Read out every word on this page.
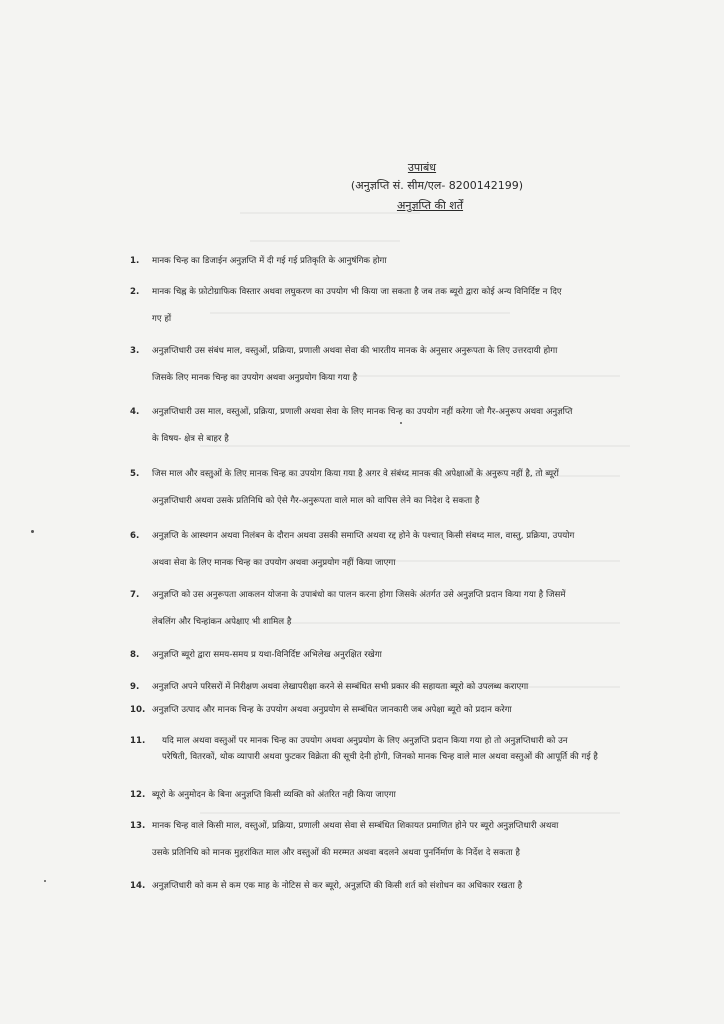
उपाबंध
(अनुज्ञप्ति सं. सीम/एल- 8200142199)
अनुज्ञप्ति की शर्तें
1.	मानक चिन्ह का डिजाईन अनुज्ञप्ति में दी गई गई प्रतिकृति के आनुषंगिक होगा
2.	मानक चिह्न के फ़ोटोग्राफिक विस्तार अथवा लघुकरण का उपयोग भी किया जा सकता है जब तक ब्यूरो द्वारा कोई अन्य विनिर्दिष्ट न दिए
गए हों
3.	अनुज्ञप्तिधारी उस संबंध माल, वस्तुओं, प्रक्रिया, प्रणाली अथवा सेवा की भारतीय मानक के अनुसार अनुरूपता के लिए उत्तरदायी होगा
जिसके लिए मानक चिन्ह का उपयोग अथवा अनुप्रयोग किया गया है
4.	अनुज्ञप्तिधारी उस माल, वस्तुओं, प्रक्रिया, प्रणाली अथवा सेवा के लिए मानक चिन्ह का उपयोग नहीं करेगा जो गैर-अनुरूप अथवा अनुज्ञप्ति
के विषय- क्षेत्र से बाहर है
5.	जिस माल और वस्तुओं के लिए मानक चिन्ह का उपयोग किया गया है अगर वे संबंध्द मानक की अपेक्षाओं के अनुरूप नहीं है, तो ब्यूरों
अनुज्ञप्तिधारी अथवा उसके प्रतिनिधि को ऐसे गैर-अनुरूपता वाले माल को वापिस लेने का निदेश दे सकता है
6.	अनुज्ञप्ति के आस्थगन अथवा निलंबन के दौरान अथवा उसकी समाप्ति अथवा रद्द होने के पश्चात् किसी संबध्द माल, वास्तु, प्रक्रिया, उपयोग
अथवा सेवा के लिए मानक चिन्ह का उपयोग अथवा अनुप्रयोग नहीं किया जाएगा
7.	अनुज्ञप्ति को उस अनुरूपता आकलन योजना के उपाबंधो का पालन करना होगा जिसके अंतर्गत उसे अनुज्ञप्ति प्रदान किया गया है जिसमें
लेबलिंग और चिन्हांकन अपेक्षाए भी शामिल है
8.	अनुज्ञप्ति ब्यूरो द्वारा समय-समय प्र यथा-विनिर्दिष्ट अभिलेख अनुरक्षित रखेगा
9.	अनुज्ञप्ति अपने परिसरों में निरीक्षण अथवा लेखापरीक्षा करने से सम्बंधित सभी प्रकार की सहायता ब्यूरो को उपलब्ध कराएगा
10. अनुज्ञप्ति उत्पाद और मानक चिन्ह के उपयोग अथवा अनुप्रयोग से सम्बंधित जानकारी जब अपेक्षा ब्यूरो को प्रदान करेगा
11.	यदि माल अथवा वस्तुओं पर मानक चिन्ह का उपयोग अथवा अनुप्रयोग के लिए अनुज्ञप्ति प्रदान किया गया हो तो अनुज्ञप्तिधारी को उन
परेषिती, वितरकों, थोक व्यापारी अथवा फुटकर विक्रेता की सूची देनी होगी, जिनको मानक चिन्ह वाले माल अथवा वस्तुओं की आपूर्ति की गई है
12. ब्यूरो के अनुमोदन के बिना अनुज्ञप्ति किसी व्यक्ति को अंतरित नही किया जाएगा
13. मानक चिन्ह वाले किसी माल, वस्तुओं, प्रक्रिया, प्रणाली अथवा सेवा से सम्बंधित शिकायत प्रमाणित होने पर ब्यूरो अनुज्ञप्तिधारी अथवा
उसके प्रतिनिधि को मानक मुहरांकित माल और वस्तुओं की मरम्मत अथवा बदलने अथवा पुनर्निर्माण के निर्देश दे सकता है
14. अनुज्ञप्तिधारी को कम से कम एक माह के नोटिस से कर ब्यूरो, अनुज्ञप्ति की किसी शर्त को संशोधन का अधिकार रखता है
